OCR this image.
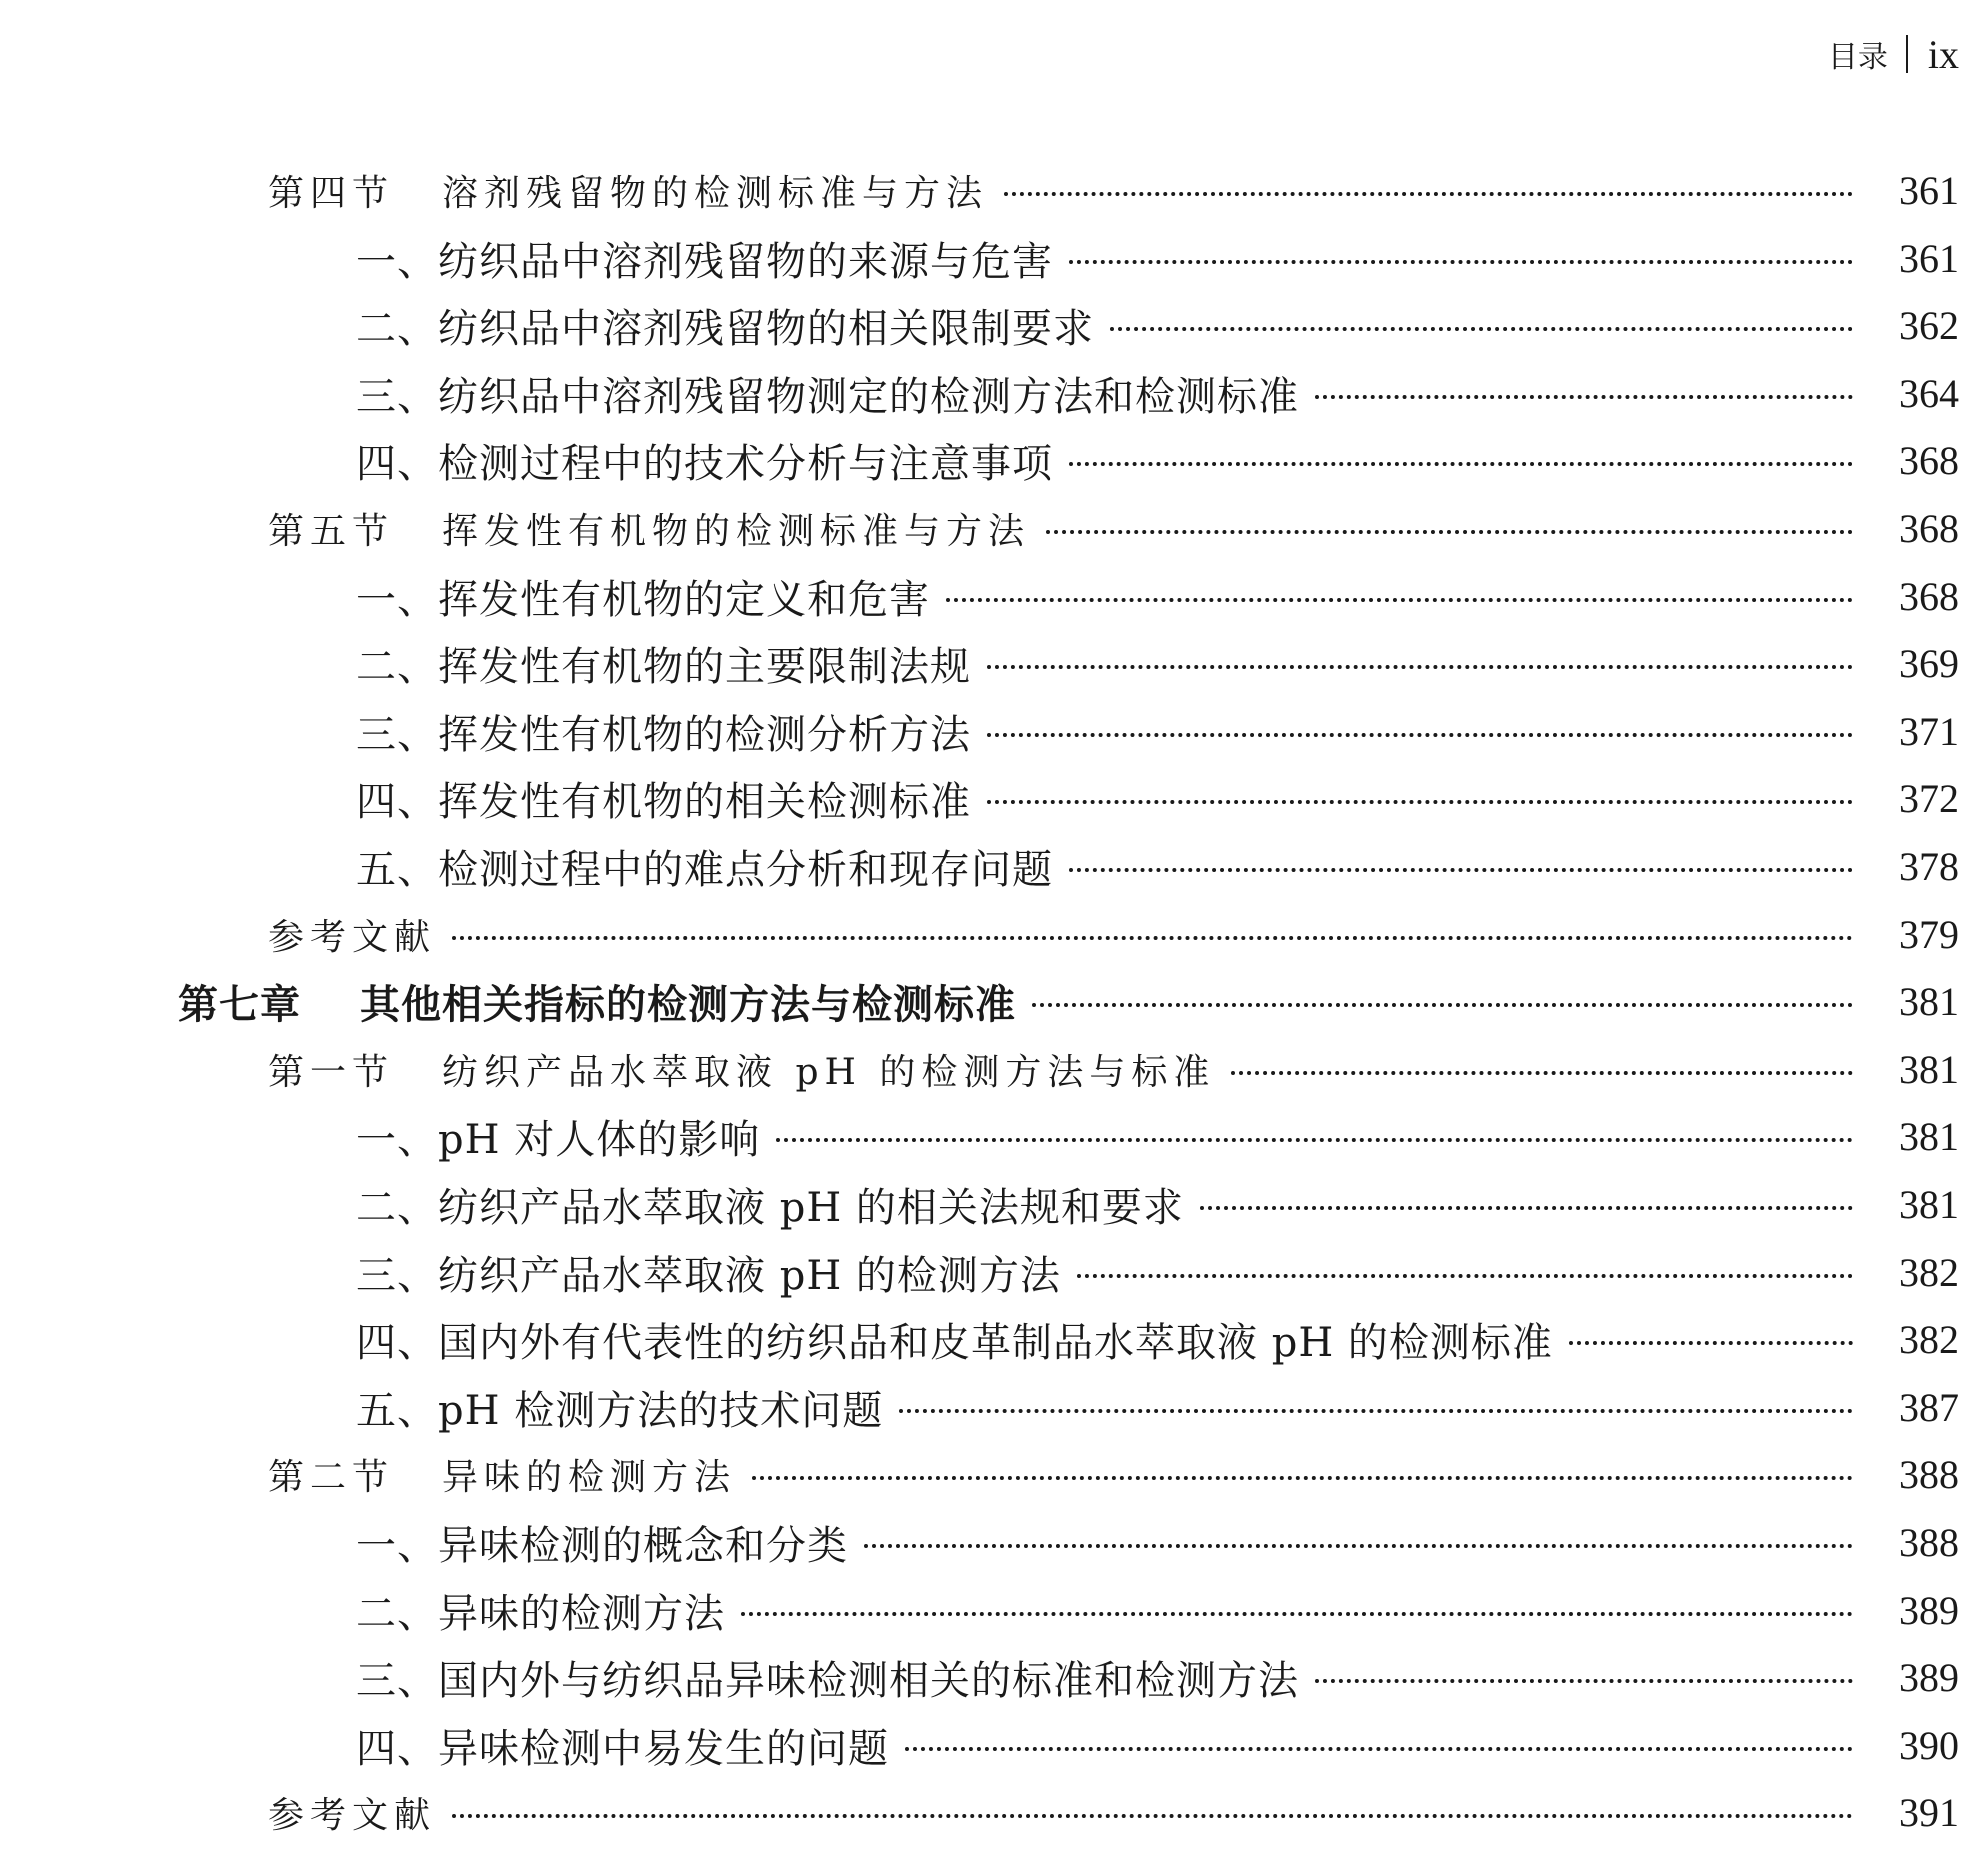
目录 ix
第四节 溶剂残留物的检测标准与方法	361
一、纺织品中溶剂残留物的来源与危害	361
二、纺织品中溶剂残留物的相关限制要求	362
三、纺织品中溶剂残留物测定的检测方法和检测标准	364
四、检测过程中的技术分析与注意事项	368
第五节 挥发性有机物的检测标准与方法	368
一、挥发性有机物的定义和危害	368
二、挥发性有机物的主要限制法规	369
三、挥发性有机物的检测分析方法	371
四、挥发性有机物的相关检测标准	372
五、检测过程中的难点分析和现存问题	378
参考文献	379
第七章 其他相关指标的检测方法与检测标准	381
第一节 纺织产品水萃取液 pH 的检测方法与标准	381
一、pH 对人体的影响	381
二、纺织产品水萃取液 pH 的相关法规和要求	381
三、纺织产品水萃取液 pH 的检测方法	382
四、国内外有代表性的纺织品和皮革制品水萃取液 pH 的检测标准	382
五、pH 检测方法的技术问题	387
第二节 异味的检测方法	388
一、异味检测的概念和分类	388
二、异味的检测方法	389
三、国内外与纺织品异味检测相关的标准和检测方法	389
四、异味检测中易发生的问题	390
参考文献	391
